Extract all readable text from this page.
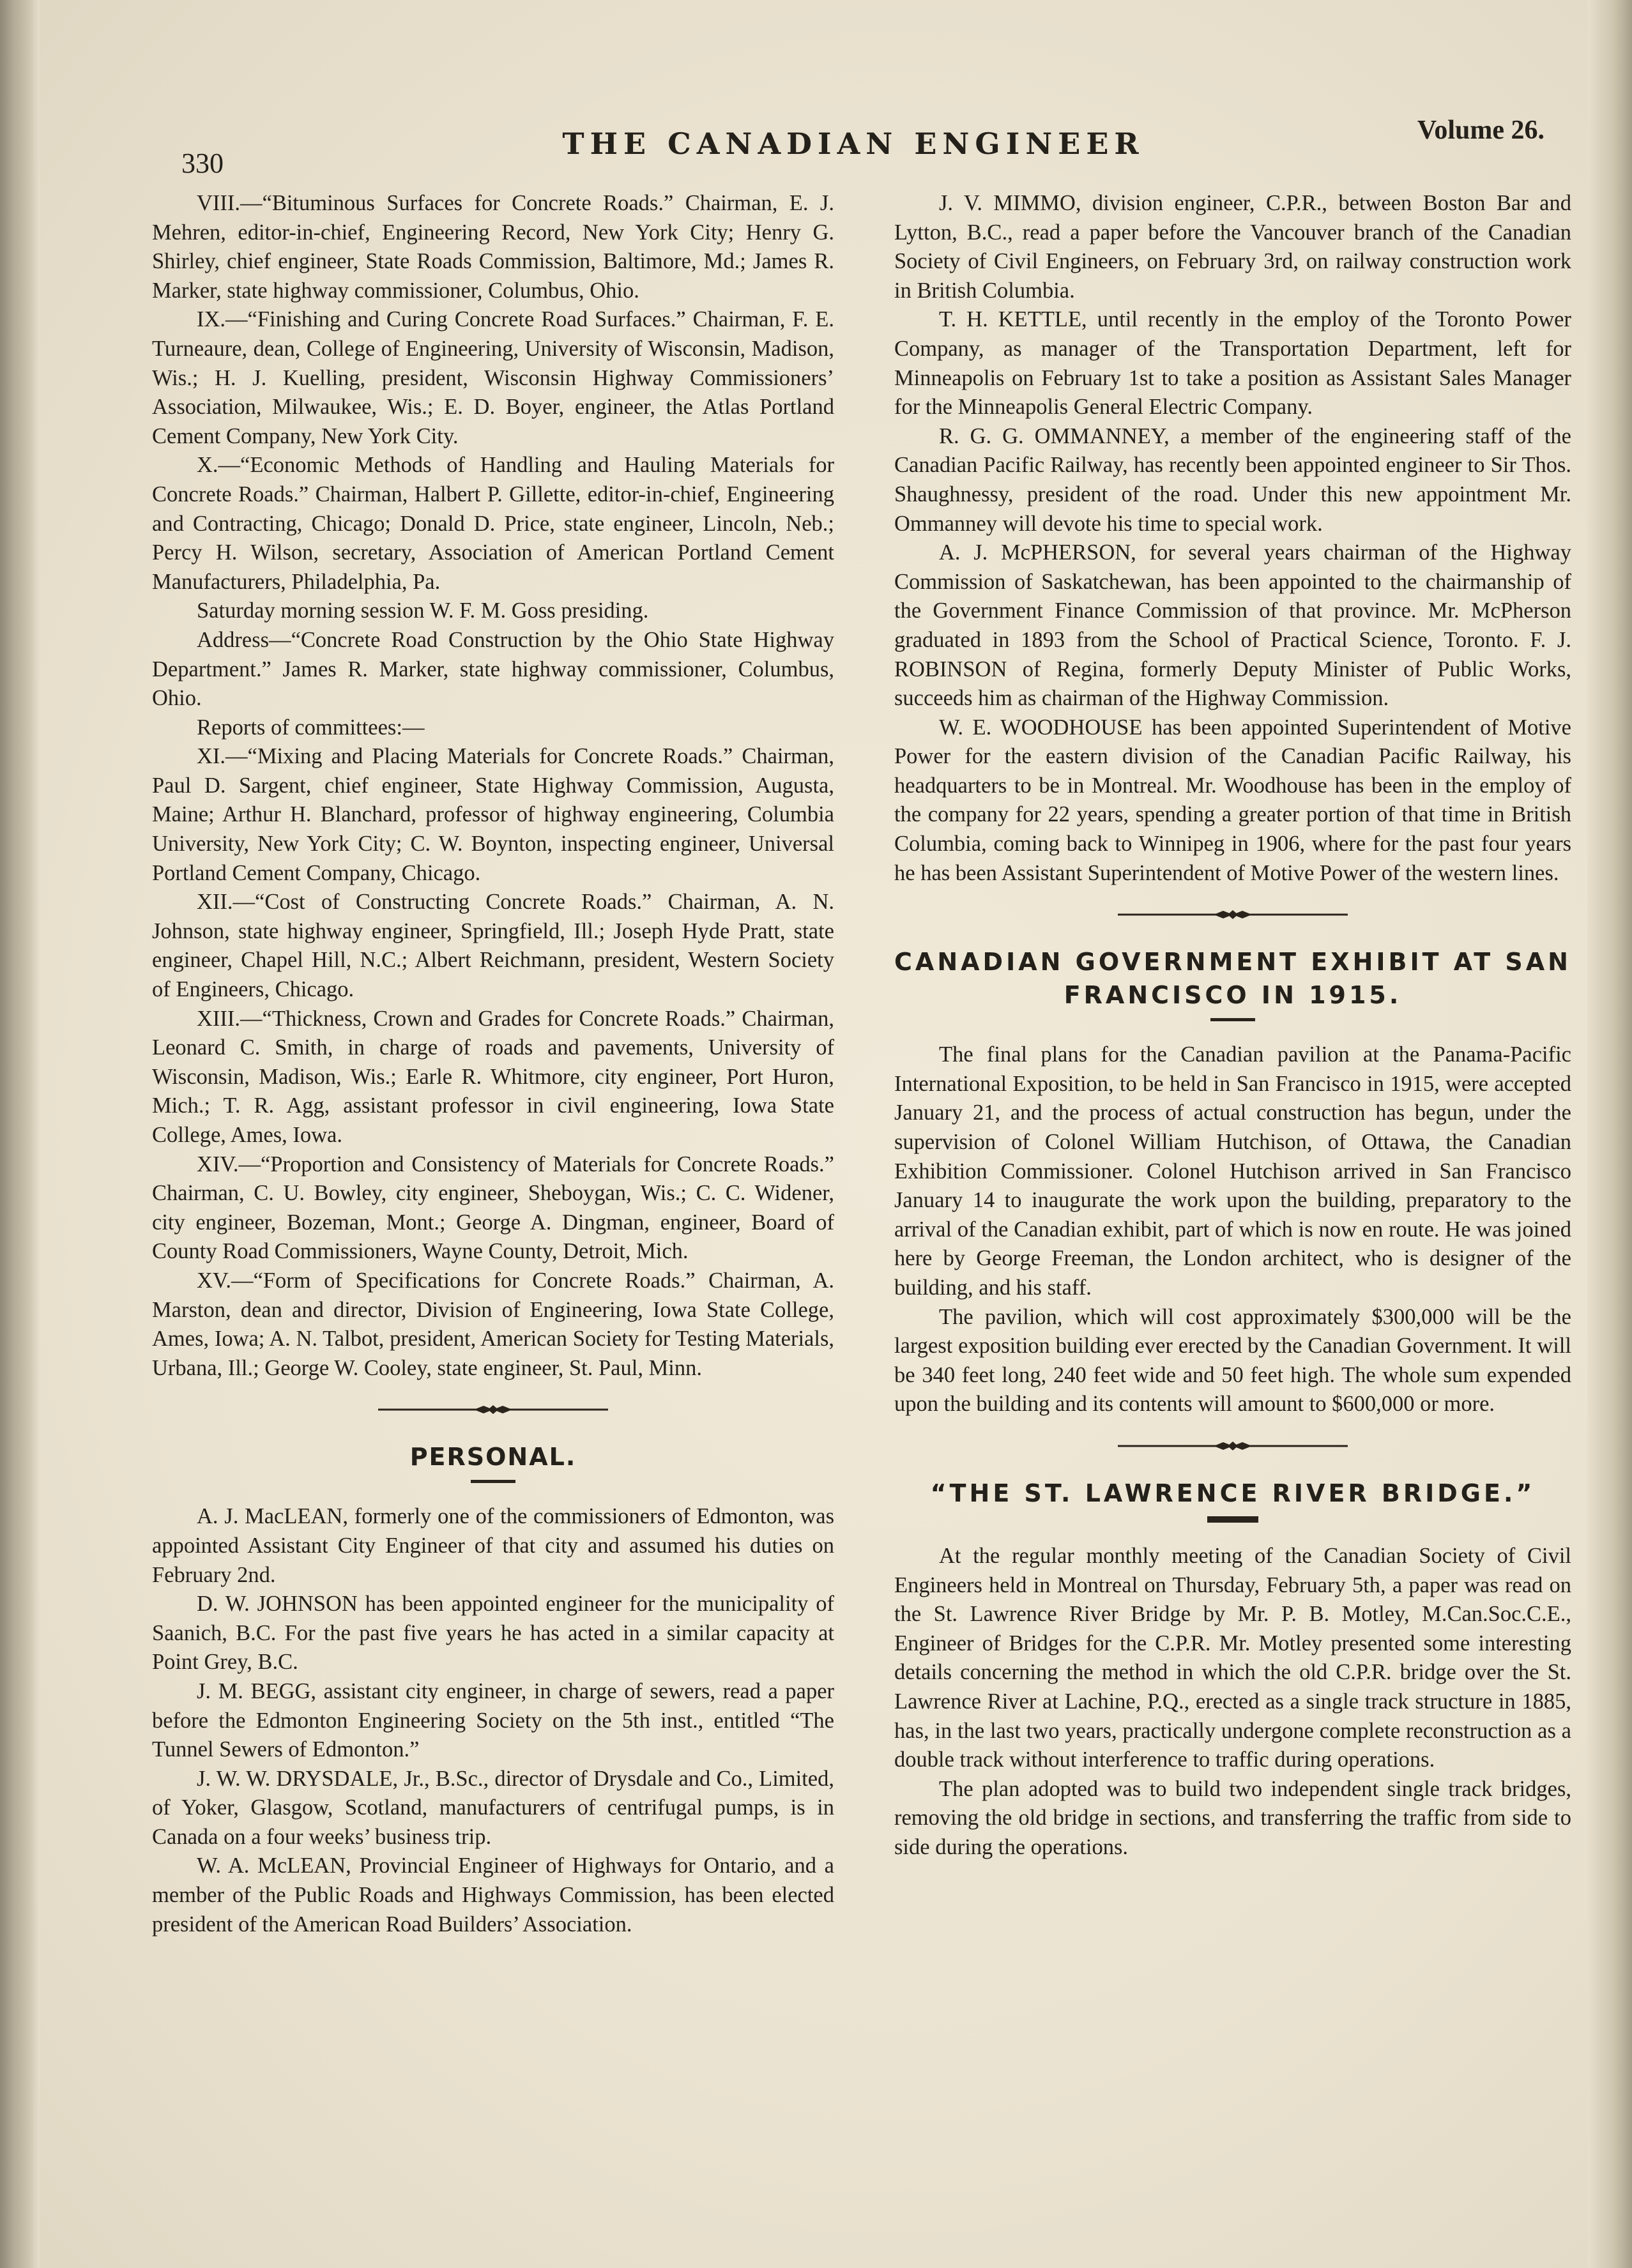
330
THE CANADIAN ENGINEER	Volume 26.

VIII.—“Bituminous Surfaces for Concrete Roads.” Chairman, E. J. Mehren, editor-in-chief, Engineering Record, New York City; Henry G. Shirley, chief engineer, State Roads Commission, Baltimore, Md.; James R. Marker, state highway commissioner, Columbus, Ohio.

IX.—“Finishing and Curing Concrete Road Surfaces.” Chairman, F. E. Turneaure, dean, College of Engineering, University of Wisconsin, Madison, Wis.; H. J. Kuelling, president, Wisconsin Highway Commissioners’ Association, Milwaukee, Wis.; E. D. Boyer, engineer, the Atlas Portland Cement Company, New York City.

X.—“Economic Methods of Handling and Hauling Materials for Concrete Roads.” Chairman, Halbert P. Gillette, editor-in-chief, Engineering and Contracting, Chicago; Donald D. Price, state engineer, Lincoln, Neb.; Percy H. Wilson, secretary, Association of American Portland Cement Manufacturers, Philadelphia, Pa.

Saturday morning session W. F. M. Goss presiding.

Address—“Concrete Road Construction by the Ohio State Highway Department.” James R. Marker, state highway commissioner, Columbus, Ohio.

Reports of committees:—

XI.—“Mixing and Placing Materials for Concrete Roads.” Chairman, Paul D. Sargent, chief engineer, State Highway Commission, Augusta, Maine; Arthur H. Blanchard, professor of highway engineering, Columbia University, New York City; C. W. Boynton, inspecting engineer, Universal Portland Cement Company, Chicago.

XII.—“Cost of Constructing Concrete Roads.” Chairman, A. N. Johnson, state highway engineer, Springfield, Ill.; Joseph Hyde Pratt, state engineer, Chapel Hill, N.C.; Albert Reichmann, president, Western Society of Engineers, Chicago.

XIII.—“Thickness, Crown and Grades for Concrete Roads.” Chairman, Leonard C. Smith, in charge of roads and pavements, University of Wisconsin, Madison, Wis.; Earle R. Whitmore, city engineer, Port Huron, Mich.; T. R. Agg, assistant professor in civil engineering, Iowa State College, Ames, Iowa.

XIV.—“Proportion and Consistency of Materials for Concrete Roads.” Chairman, C. U. Bowley, city engineer, Sheboygan, Wis.; C. C. Widener, city engineer, Bozeman, Mont.; George A. Dingman, engineer, Board of County Road Commissioners, Wayne County, Detroit, Mich.

XV.—“Form of Specifications for Concrete Roads.” Chairman, A. Marston, dean and director, Division of Engineering, Iowa State College, Ames, Iowa; A. N. Talbot, president, American Society for Testing Materials, Urbana, Ill.; George W. Cooley, state engineer, St. Paul, Minn.

PERSONAL.

A. J. MacLEAN, formerly one of the commissioners of Edmonton, was appointed Assistant City Engineer of that city and assumed his duties on February 2nd.

D. W. JOHNSON has been appointed engineer for the municipality of Saanich, B.C. For the past five years he has acted in a similar capacity at Point Grey, B.C.

J. M. BEGG, assistant city engineer, in charge of sewers, read a paper before the Edmonton Engineering Society on the 5th inst., entitled “The Tunnel Sewers of Edmonton.”

J. W. W. DRYSDALE, Jr., B.Sc., director of Drysdale and Co., Limited, of Yoker, Glasgow, Scotland, manufacturers of centrifugal pumps, is in Canada on a four weeks’ business trip.

W. A. McLEAN, Provincial Engineer of Highways for Ontario, and a member of the Public Roads and Highways Commission, has been elected president of the American Road Builders’ Association.

J. V. MIMMO, division engineer, C.P.R., between Boston Bar and Lytton, B.C., read a paper before the Vancouver branch of the Canadian Society of Civil Engineers, on February 3rd, on railway construction work in British Columbia.

T. H. KETTLE, until recently in the employ of the Toronto Power Company, as manager of the Transportation Department, left for Minneapolis on February 1st to take a position as Assistant Sales Manager for the Minneapolis General Electric Company.

R. G. G. OMMANNEY, a member of the engineering staff of the Canadian Pacific Railway, has recently been appointed engineer to Sir Thos. Shaughnessy, president of the road. Under this new appointment Mr. Ommanney will devote his time to special work.

A. J. McPHERSON, for several years chairman of the Highway Commission of Saskatchewan, has been appointed to the chairmanship of the Government Finance Commission of that province. Mr. McPherson graduated in 1893 from the School of Practical Science, Toronto. F. J. ROBINSON of Regina, formerly Deputy Minister of Public Works, succeeds him as chairman of the Highway Commission.

W. E. WOODHOUSE has been appointed Superintendent of Motive Power for the eastern division of the Canadian Pacific Railway, his headquarters to be in Montreal. Mr. Woodhouse has been in the employ of the company for 22 years, spending a greater portion of that time in British Columbia, coming back to Winnipeg in 1906, where for the past four years he has been Assistant Superintendent of Motive Power of the western lines.

CANADIAN GOVERNMENT EXHIBIT AT SAN FRANCISCO IN 1915.

The final plans for the Canadian pavilion at the Panama-Pacific International Exposition, to be held in San Francisco in 1915, were accepted January 21, and the process of actual construction has begun, under the supervision of Colonel William Hutchison, of Ottawa, the Canadian Exhibition Commissioner. Colonel Hutchison arrived in San Francisco January 14 to inaugurate the work upon the building, preparatory to the arrival of the Canadian exhibit, part of which is now en route. He was joined here by George Freeman, the London architect, who is designer of the building, and his staff.

The pavilion, which will cost approximately $300,000 will be the largest exposition building ever erected by the Canadian Government. It will be 340 feet long, 240 feet wide and 50 feet high. The whole sum expended upon the building and its contents will amount to $600,000 or more.

“THE ST. LAWRENCE RIVER BRIDGE.”

At the regular monthly meeting of the Canadian Society of Civil Engineers held in Montreal on Thursday, February 5th, a paper was read on the St. Lawrence River Bridge by Mr. P. B. Motley, M.Can.Soc.C.E., Engineer of Bridges for the C.P.R. Mr. Motley presented some interesting details concerning the method in which the old C.P.R. bridge over the St. Lawrence River at Lachine, P.Q., erected as a single track structure in 1885, has, in the last two years, practically undergone complete reconstruction as a double track without interference to traffic during operations.

The plan adopted was to build two independent single track bridges, removing the old bridge in sections, and transferring the traffic from side to side during the operations.
